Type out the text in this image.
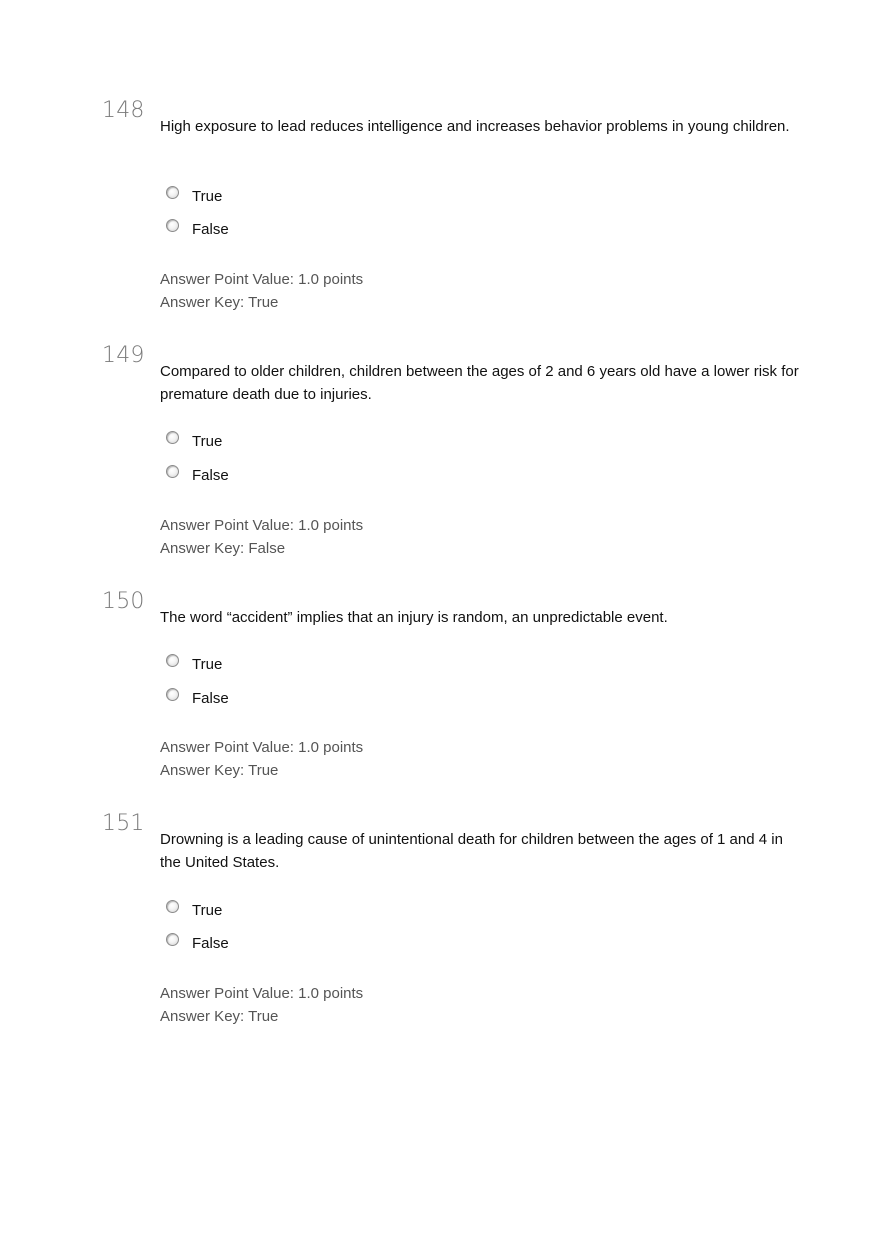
148
High exposure to lead reduces intelligence and increases behavior problems in young children.
True
False
Answer Point Value: 1.0 points
Answer Key: True
149
Compared to older children, children between the ages of 2 and 6 years old have a lower risk for premature death due to injuries.
True
False
Answer Point Value: 1.0 points
Answer Key: False
150
The word “accident” implies that an injury is random, an unpredictable event.
True
False
Answer Point Value: 1.0 points
Answer Key: True
151
Drowning is a leading cause of unintentional death for children between the ages of 1 and 4 in the United States.
True
False
Answer Point Value: 1.0 points
Answer Key: True
